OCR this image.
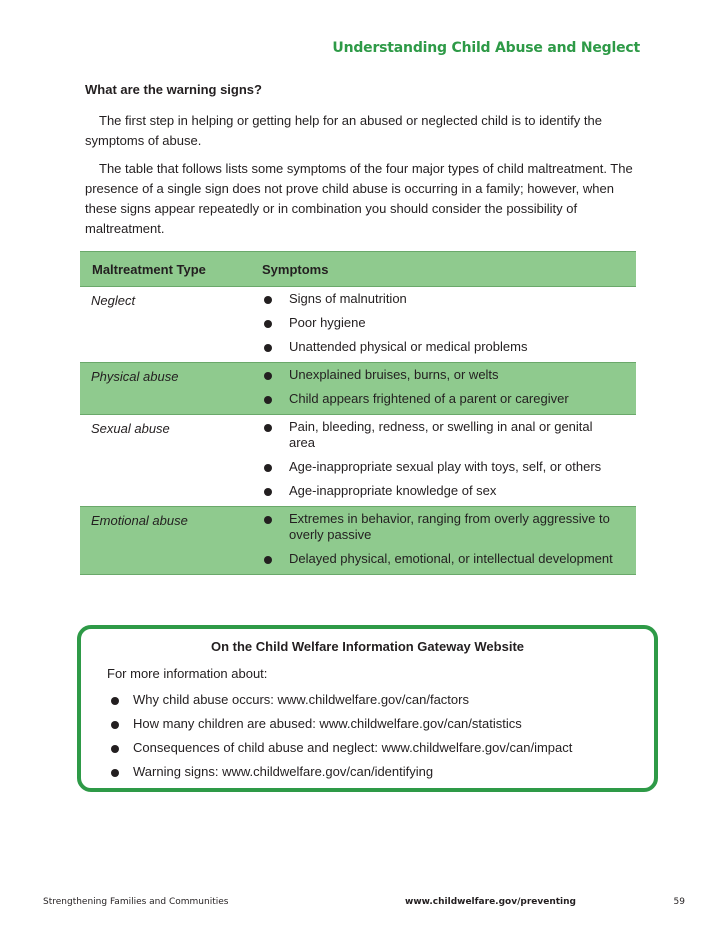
Understanding Child Abuse and Neglect
What are the warning signs?

The first step in helping or getting help for an abused or neglected child is to identify the symptoms of abuse.

The table that follows lists some symptoms of the four major types of child maltreatment. The presence of a single sign does not prove child abuse is occurring in a family; however, when these signs appear repeatedly or in combination you should consider the possibility of maltreatment.

Maltreatment Type	Symptoms
Neglect	Signs of malnutrition
Poor hygiene
Unattended physical or medical problems
Physical abuse	Unexplained bruises, burns, or welts
Child appears frightened of a parent or caregiver
Sexual abuse	Pain, bleeding, redness, or swelling in anal or genital area
Age-inappropriate sexual play with toys, self, or others
Age-inappropriate knowledge of sex
Emotional abuse	Extremes in behavior, ranging from overly aggressive to overly passive
Delayed physical, emotional, or intellectual development
On the Child Welfare Information Gateway Website
For more information about:
Why child abuse occurs: www.childwelfare.gov/can/factors
How many children are abused: www.childwelfare.gov/can/statistics
Consequences of child abuse and neglect: www.childwelfare.gov/can/impact
Warning signs: www.childwelfare.gov/can/identifying
Strengthening Families and Communities	www.childwelfare.gov/preventing	59
